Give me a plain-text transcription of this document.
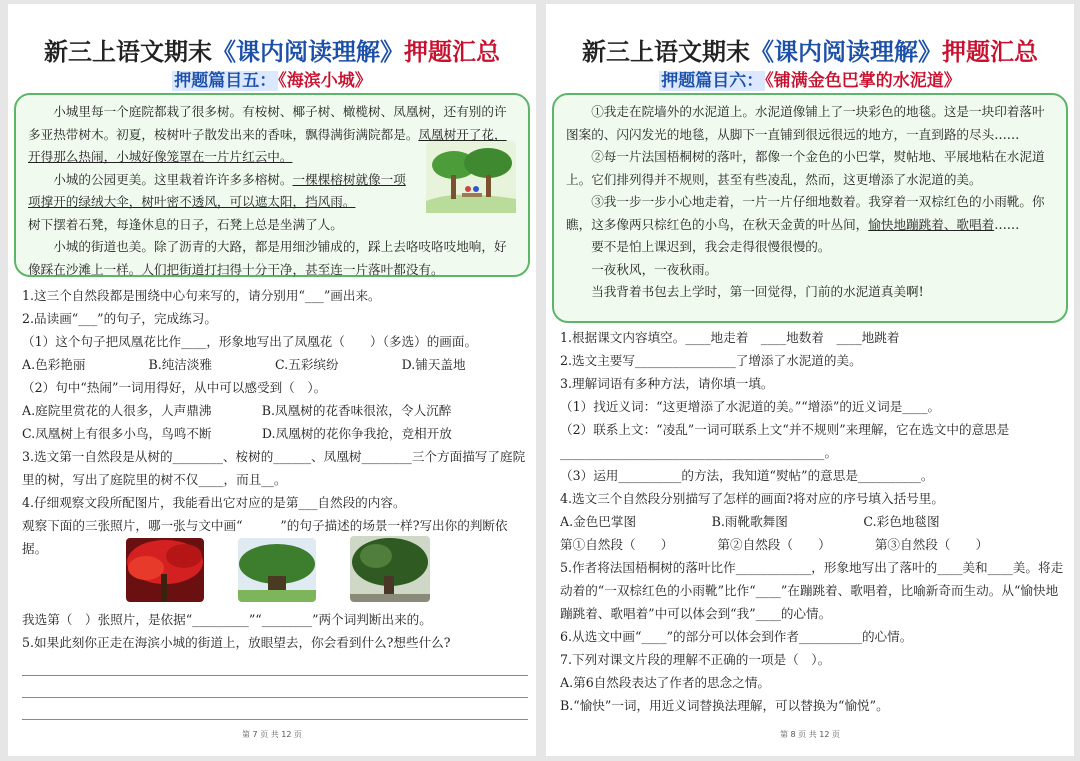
新三上语文期末《课内阅读理解》押题汇总
押题篇目五： 《海滨小城》

小城里每一个庭院都栽了很多树。有桉树、椰子树、橄榄树、凤凰树，还有别的许多亚热带树木。初夏，桉树叶子散发出来的香味，飘得满街满院都是。凤凰树开了花，开得那么热闹，小城好像笼罩在一片片红云中。

小城的公园更美。这里栽着许许多多榕树。一棵棵榕树就像一项项撑开的绿绒大伞，树叶密不透风，可以遮太阳，挡风雨。

树下摆着石凳，每逢休息的日子，石凳上总是坐满了人。

小城的街道也美。除了沥青的大路，都是用细沙铺成的，踩上去咯吱咯吱地响，好像踩在沙滩上一样。人们把街道打扫得十分干净，甚至连一片落叶都没有。

1.这三个自然段都是围绕中心句来写的，请分别用“___”画出来。
2.品读画“___”的句子，完成练习。
（1）这个句子把凤凰花比作____，形象地写出了凤凰花（　　）（多选）的画面。
A.色彩艳丽　　　　　B.纯洁淡雅　　　　　C.五彩缤纷　　　　　D.铺天盖地
（2）句中“热闹”一词用得好，从中可以感受到（　）。
A.庭院里赏花的人很多，人声鼎沸　　　　B.凤凰树的花香味很浓，令人沉醉
C.凤凰树上有很多小鸟，鸟鸣不断　　　　D.凤凰树的花你争我抢，竞相开放
3.选文第一自然段是从树的________、桉树的______、凤凰树________三个方面描写了庭院里的树，写出了庭院里的树不仅____，而且__。
4.仔细观察文段所配图片，我能看出它对应的是第___自然段的内容。
观察下面的三张照片，哪一张与文中画“　　　”的句子描述的场景一样?写出你的判断依据。
我选第（　）张照片，是依据“_________”“________”两个词判断出来的。
5.如果此刻你正走在海滨小城的街道上，放眼望去，你会看到什么?想些什么?
第 7 页 共 12 页
新三上语文期末《课内阅读理解》押题汇总
押题篇目六： 《铺满金色巴掌的水泥道》

①我走在院墙外的水泥道上。水泥道像铺上了一块彩色的地毯。这是一块印着落叶图案的、闪闪发光的地毯，从脚下一直铺到很远很远的地方，一直到路的尽头……

②每一片法国梧桐树的落叶，都像一个金色的小巴掌，熨帖地、平展地粘在水泥道上。它们排列得并不规则，甚至有些凌乱，然而，这更增添了水泥道的美。

③我一步一步小心地走着，一片一片仔细地数着。我穿着一双棕红色的小雨靴。你瞧，这多像两只棕红色的小鸟，在秋天金黄的叶丛间，愉快地蹦跳着、歌唱着……

要不是怕上课迟到，我会走得很慢很慢的。

一夜秋风，一夜秋雨。

当我背着书包去上学时，第一回觉得，门前的水泥道真美啊!

1.根据课文内容填空。____地走着　____地数着　____地跳着
2.选文主要写________________了增添了水泥道的美。
3.理解词语有多种方法，请你填一填。
（1）找近义词：“这更增添了水泥道的美。”“增添”的近义词是____。
（2）联系上文：“凌乱”一词可联系上文“并不规则”来理解，它在选文中的意思是__________________________________________。
（3）运用__________的方法，我知道“熨帖”的意思是__________。
4.选文三个自然段分别描写了怎样的画面?将对应的序号填入括号里。
A.金色巴掌图　　　　　　B.雨靴歌舞图　　　　　　C.彩色地毯图
第①自然段（　　）　　　　第②自然段（　　）　　　　第③自然段（　　）
5.作者将法国梧桐树的落叶比作____________，形象地写出了落叶的____美和____美。将走动着的“一双棕红色的小雨靴”比作“____”在蹦跳着、歌唱着，比喻新奇而生动。从“愉快地蹦跳着、歌唱着”中可以体会到“我”____的心情。
6.从选文中画“____”的部分可以体会到作者__________的心情。
7.下列对课文片段的理解不正确的一项是（　）。
A.第6自然段表达了作者的思念之情。
B.“愉快”一词，用近义词替换法理解，可以替换为“愉悦”。
第 8 页 共 12 页
